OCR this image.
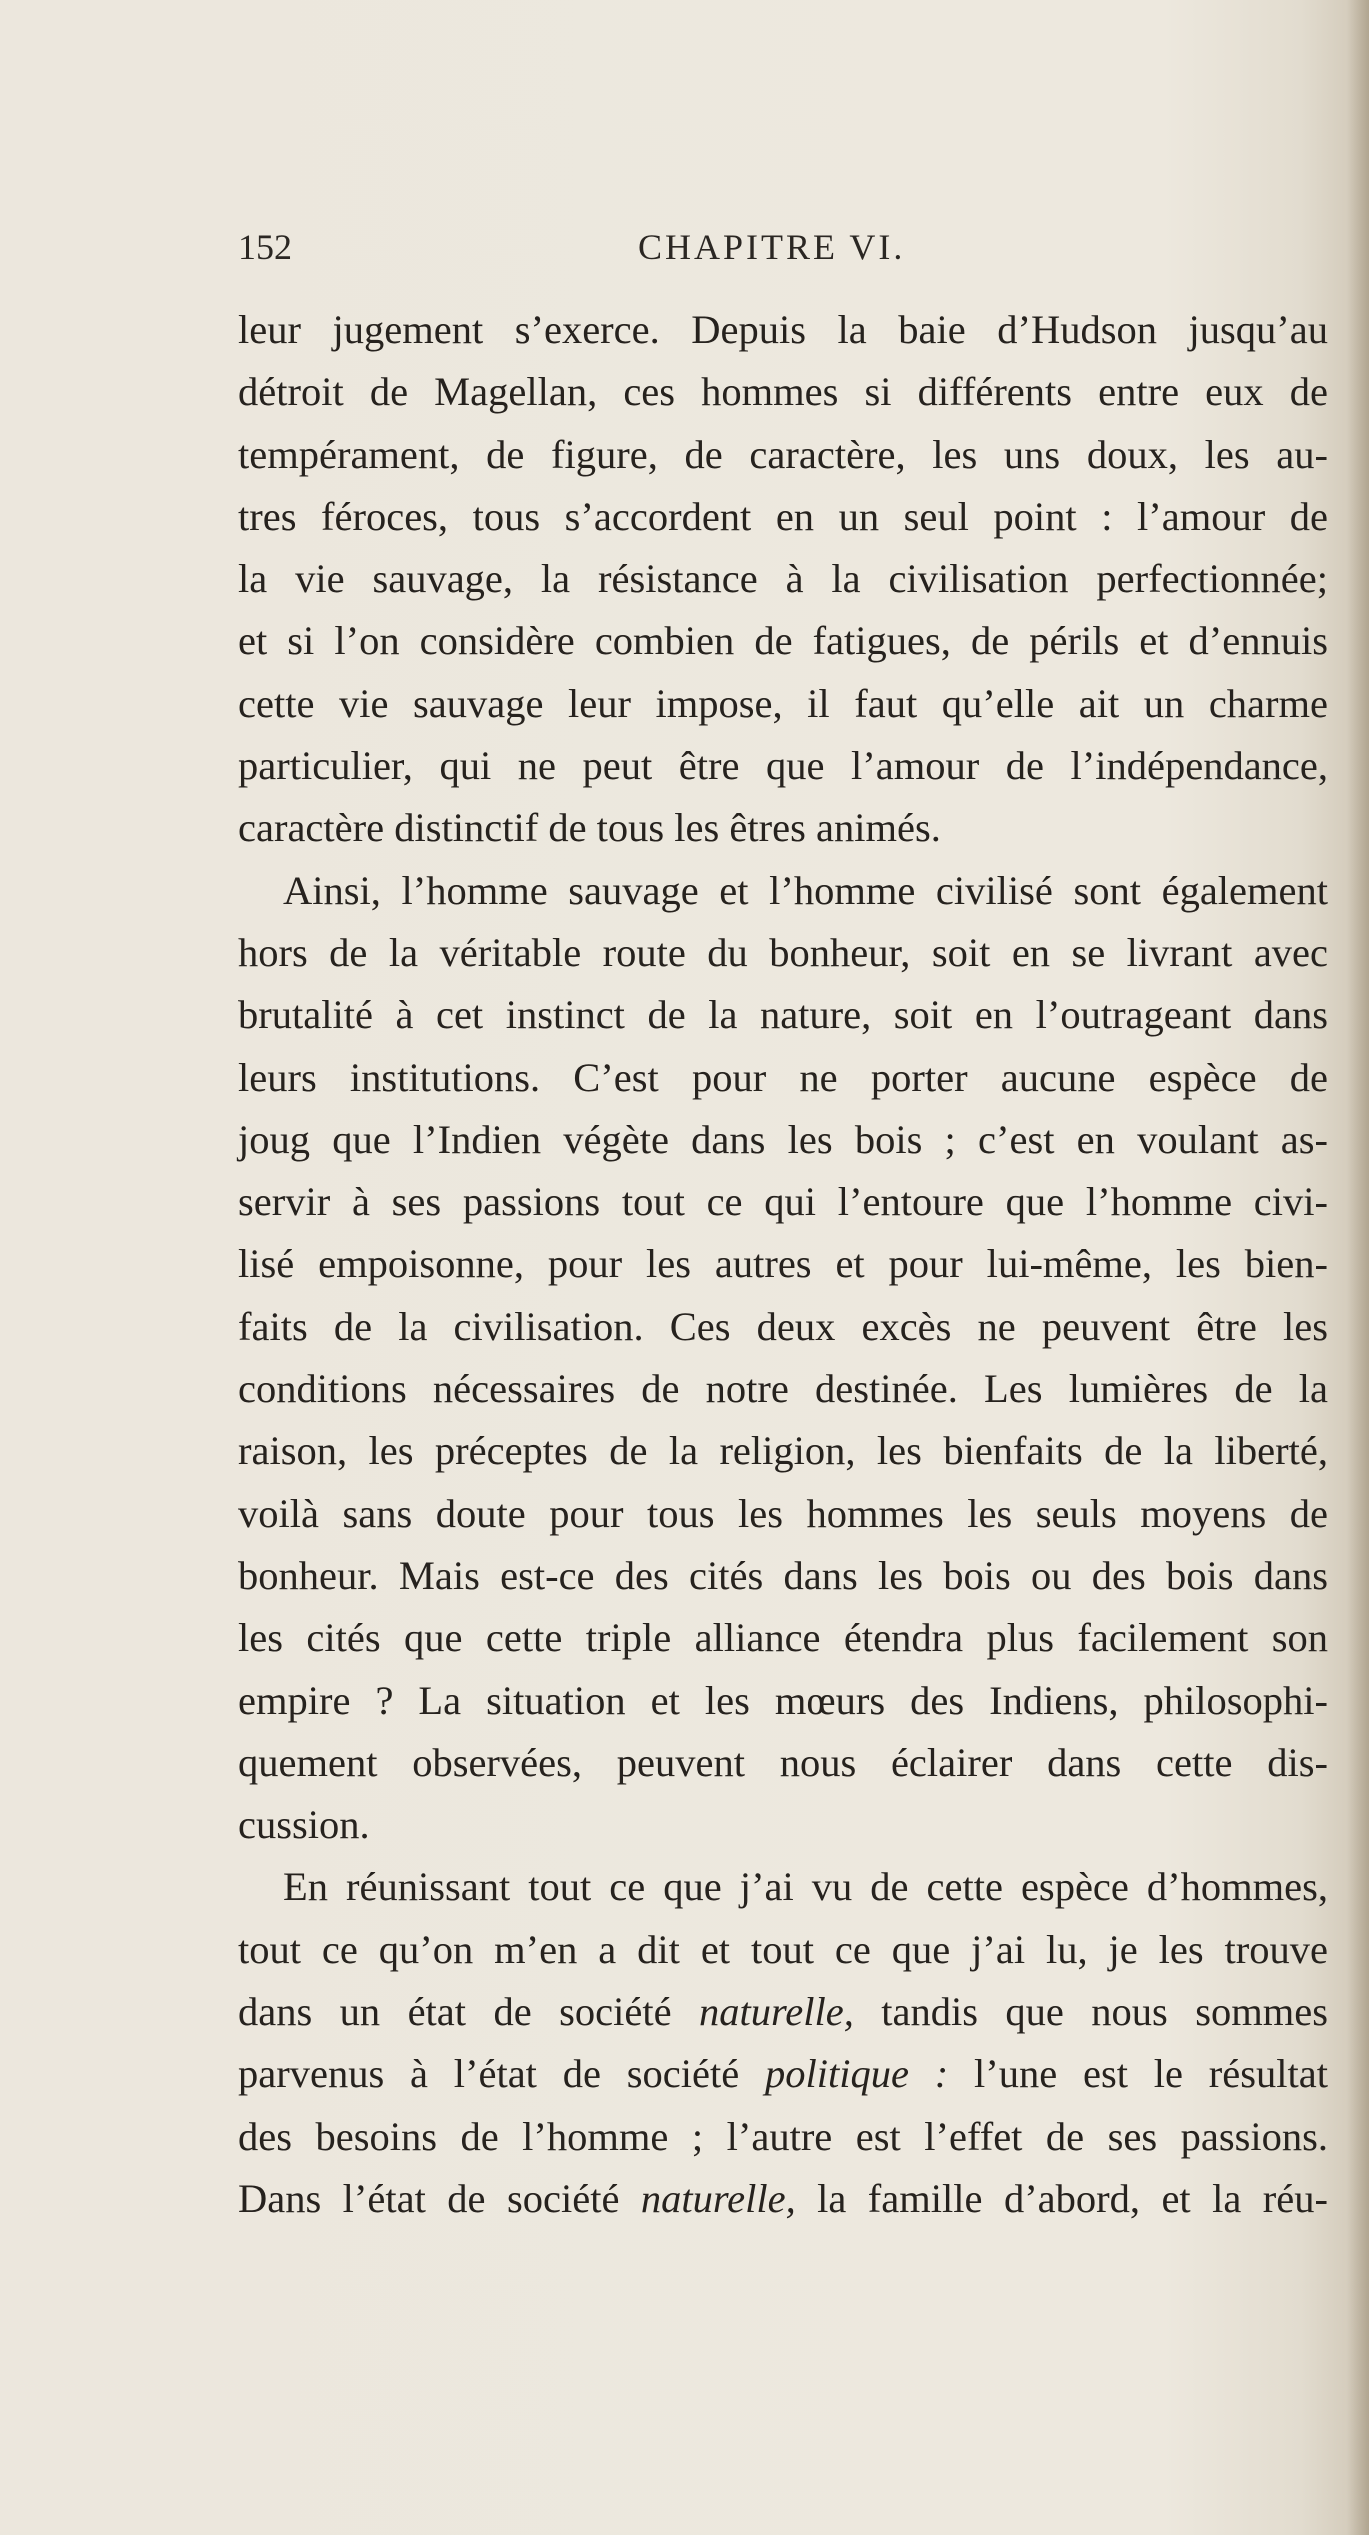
152	CHAPITRE VI.
leur jugement s’exerce. Depuis la baie d’Hudson jusqu’au
détroit de Magellan, ces hommes si différents entre eux de
tempérament, de figure, de caractère, les uns doux, les au-
tres féroces, tous s’accordent en un seul point : l’amour de
la vie sauvage, la résistance à la civilisation perfectionnée;
et si l’on considère combien de fatigues, de périls et d’ennuis
cette vie sauvage leur impose, il faut qu’elle ait un charme
particulier, qui ne peut être que l’amour de l’indépendance,
caractère distinctif de tous les êtres animés.
Ainsi, l’homme sauvage et l’homme civilisé sont également
hors de la véritable route du bonheur, soit en se livrant avec
brutalité à cet instinct de la nature, soit en l’outrageant dans
leurs institutions. C’est pour ne porter aucune espèce de
joug que l’Indien végète dans les bois ; c’est en voulant as-
servir à ses passions tout ce qui l’entoure que l’homme civi-
lisé empoisonne, pour les autres et pour lui-même, les bien-
faits de la civilisation. Ces deux excès ne peuvent être les
conditions nécessaires de notre destinée. Les lumières de la
raison, les préceptes de la religion, les bienfaits de la liberté,
voilà sans doute pour tous les hommes les seuls moyens de
bonheur. Mais est-ce des cités dans les bois ou des bois dans
les cités que cette triple alliance étendra plus facilement son
empire ? La situation et les mœurs des Indiens, philosophi-
quement observées, peuvent nous éclairer dans cette dis-
cussion.
En réunissant tout ce que j’ai vu de cette espèce d’hommes,
tout ce qu’on m’en a dit et tout ce que j’ai lu, je les trouve
dans un état de société naturelle, tandis que nous sommes
parvenus à l’état de société politique : l’une est le résultat
des besoins de l’homme ; l’autre est l’effet de ses passions.
Dans l’état de société naturelle, la famille d’abord, et la réu-
